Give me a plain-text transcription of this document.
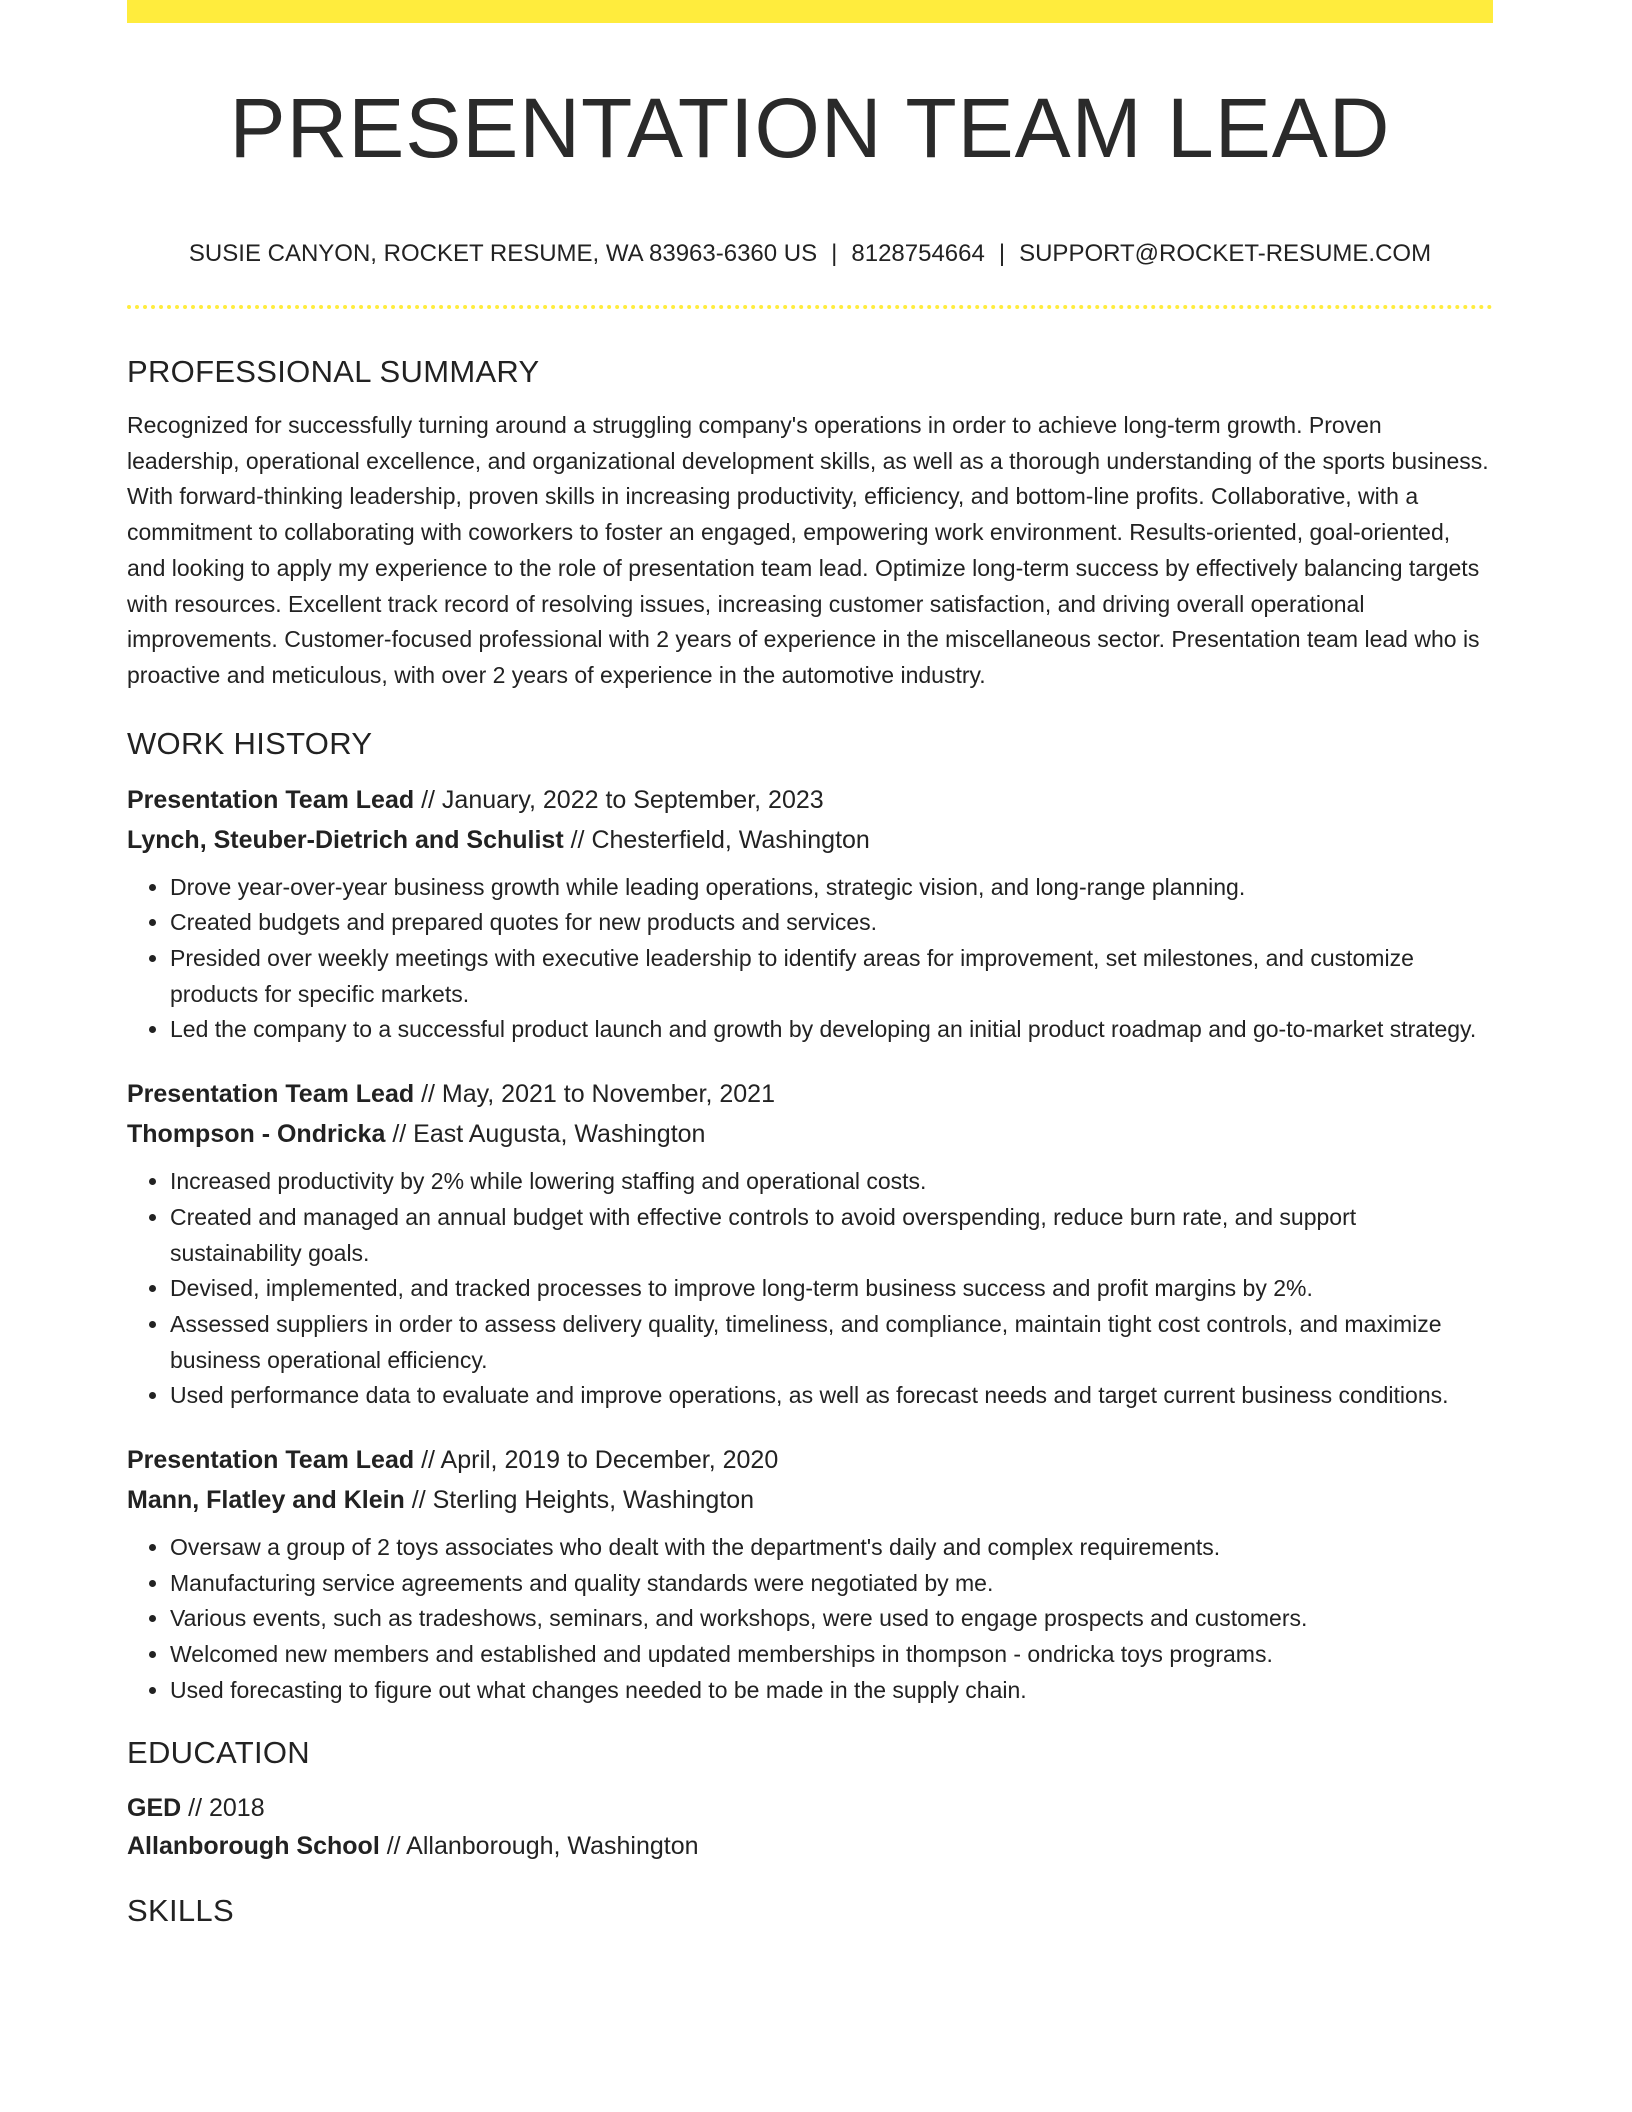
PRESENTATION TEAM LEAD
SUSIE CANYON, ROCKET RESUME, WA 83963-6360 US | 8128754664 | SUPPORT@ROCKET-RESUME.COM
PROFESSIONAL SUMMARY

Recognized for successfully turning around a struggling company's operations in order to achieve long-term growth. Proven leadership, operational excellence, and organizational development skills, as well as a thorough understanding of the sports business. With forward-thinking leadership, proven skills in increasing productivity, efficiency, and bottom-line profits. Collaborative, with a commitment to collaborating with coworkers to foster an engaged, empowering work environment. Results-oriented, goal-oriented, and looking to apply my experience to the role of presentation team lead. Optimize long-term success by effectively balancing targets with resources. Excellent track record of resolving issues, increasing customer satisfaction, and driving overall operational improvements. Customer-focused professional with 2 years of experience in the miscellaneous sector. Presentation team lead who is proactive and meticulous, with over 2 years of experience in the automotive industry.

WORK HISTORY
Presentation Team Lead // January, 2022 to September, 2023
Lynch, Steuber-Dietrich and Schulist // Chesterfield, Washington
• Drove year-over-year business growth while leading operations, strategic vision, and long-range planning.
• Created budgets and prepared quotes for new products and services.
• Presided over weekly meetings with executive leadership to identify areas for improvement, set milestones, and customize products for specific markets.
• Led the company to a successful product launch and growth by developing an initial product roadmap and go-to-market strategy.
Presentation Team Lead // May, 2021 to November, 2021
Thompson - Ondricka // East Augusta, Washington
• Increased productivity by 2% while lowering staffing and operational costs.
• Created and managed an annual budget with effective controls to avoid overspending, reduce burn rate, and support sustainability goals.
• Devised, implemented, and tracked processes to improve long-term business success and profit margins by 2%.
• Assessed suppliers in order to assess delivery quality, timeliness, and compliance, maintain tight cost controls, and maximize business operational efficiency.
• Used performance data to evaluate and improve operations, as well as forecast needs and target current business conditions.
Presentation Team Lead // April, 2019 to December, 2020
Mann, Flatley and Klein // Sterling Heights, Washington
• Oversaw a group of 2 toys associates who dealt with the department's daily and complex requirements.
• Manufacturing service agreements and quality standards were negotiated by me.
• Various events, such as tradeshows, seminars, and workshops, were used to engage prospects and customers.
• Welcomed new members and established and updated memberships in thompson - ondricka toys programs.
• Used forecasting to figure out what changes needed to be made in the supply chain.
EDUCATION
GED // 2018
Allanborough School // Allanborough, Washington
SKILLS
